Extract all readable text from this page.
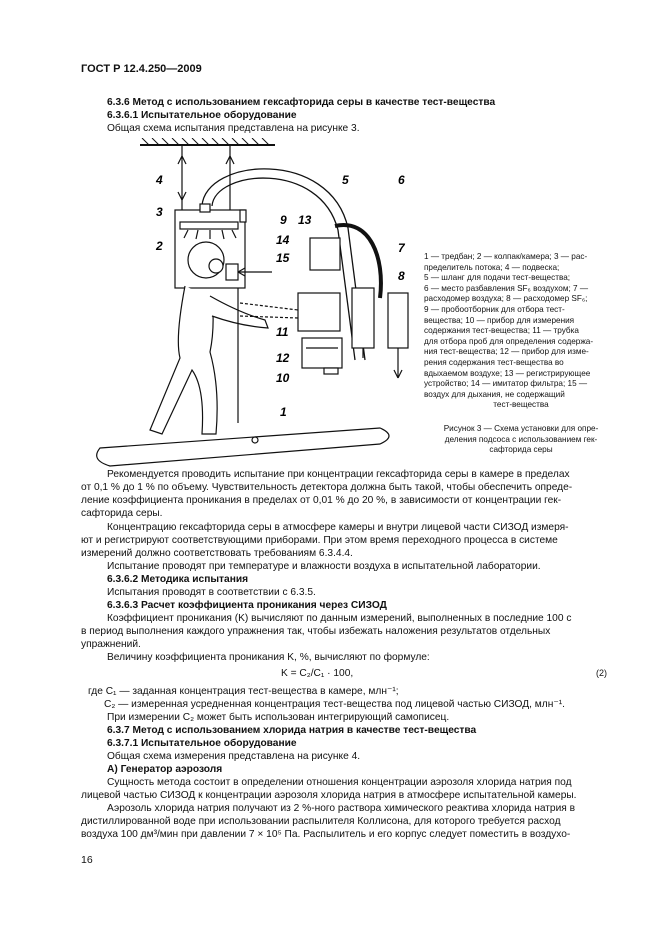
ГОСТ Р 12.4.250—2009
6.3.6 Метод с использованием гексафторида серы в качестве тест-вещества
6.3.6.1 Испытательное оборудование
Общая схема испытания представлена на рисунке 3.
4
3
2
5	6
9 13
14
15
11
12
10
7
8
1
1 — тредбан; 2 — колпак/камера; 3 — рас-
пределитель потока; 4 — подвеска;
5 — шланг для подачи тест-вещества;
6 — место разбавления SF₆ воздухом; 7 —
расходомер воздуха; 8 — расходомер SF₆;
9 — пробоотборник для отбора тест-
вещества; 10 — прибор для измерения
содержания тест-вещества; 11 — трубка
для отбора проб для определения содержа-
ния тест-вещества; 12 — прибор для изме-
рения содержания тест-вещества во
вдыхаемом воздухе; 13 — регистрирующее
устройство; 14 — имитатор фильтра; 15 —
воздух для дыхания, не содержащий
тест-вещества
Рисунок 3 — Схема установки для опре-
деления подсоса с использованием гек-
сафторида серы
Рекомендуется проводить испытание при концентрации гексафторида серы в камере в пределах
от 0,1 % до 1 % по объему. Чувствительность детектора должна быть такой, чтобы обеспечить опреде-
ление коэффициента проникания в пределах от 0,01 % до 20 %, в зависимости от концентрации гек-
сафторида серы.
Концентрацию гексафторида серы в атмосфере камеры и внутри лицевой части СИЗОД измеря-
ют и регистрируют соответствующими приборами. При этом время переходного процесса в системе
измерений должно соответствовать требованиям 6.3.4.4.
Испытание проводят при температуре и влажности воздуха в испытательной лаборатории.
6.3.6.2 Методика испытания
Испытания проводят в соответствии с 6.3.5.
6.3.6.3 Расчет коэффициента проникания через СИЗОД
Коэффициент проникания (K) вычисляют по данным измерений, выполненных в последние 100 с
в период выполнения каждого упражнения так, чтобы избежать наложения результатов отдельных
упражнений.
Величину коэффициента проникания K, %, вычисляют по формуле:
K = C₂/C₁ · 100,	(2)
где C₁ — заданная концентрация тест-вещества в камере, млн⁻¹;
C₂ — измеренная усредненная концентрация тест-вещества под лицевой частью СИЗОД, млн⁻¹.
При измерении C₂ может быть использован интегрирующий самописец.
6.3.7 Метод с использованием хлорида натрия в качестве тест-вещества
6.3.7.1 Испытательное оборудование
Общая схема измерения представлена на рисунке 4.
А) Генератор аэрозоля
Сущность метода состоит в определении отношения концентрации аэрозоля хлорида натрия под
лицевой частью СИЗОД к концентрации аэрозоля хлорида натрия в атмосфере испытательной камеры.
Аэрозоль хлорида натрия получают из 2 %-ного раствора химического реактива хлорида натрия в
дистиллированной воде при использовании распылителя Коллисона, для которого требуется расход
воздуха 100 дм³/мин при давлении 7 × 10⁵ Па. Распылитель и его корпус следует поместить в воздухо-
16
